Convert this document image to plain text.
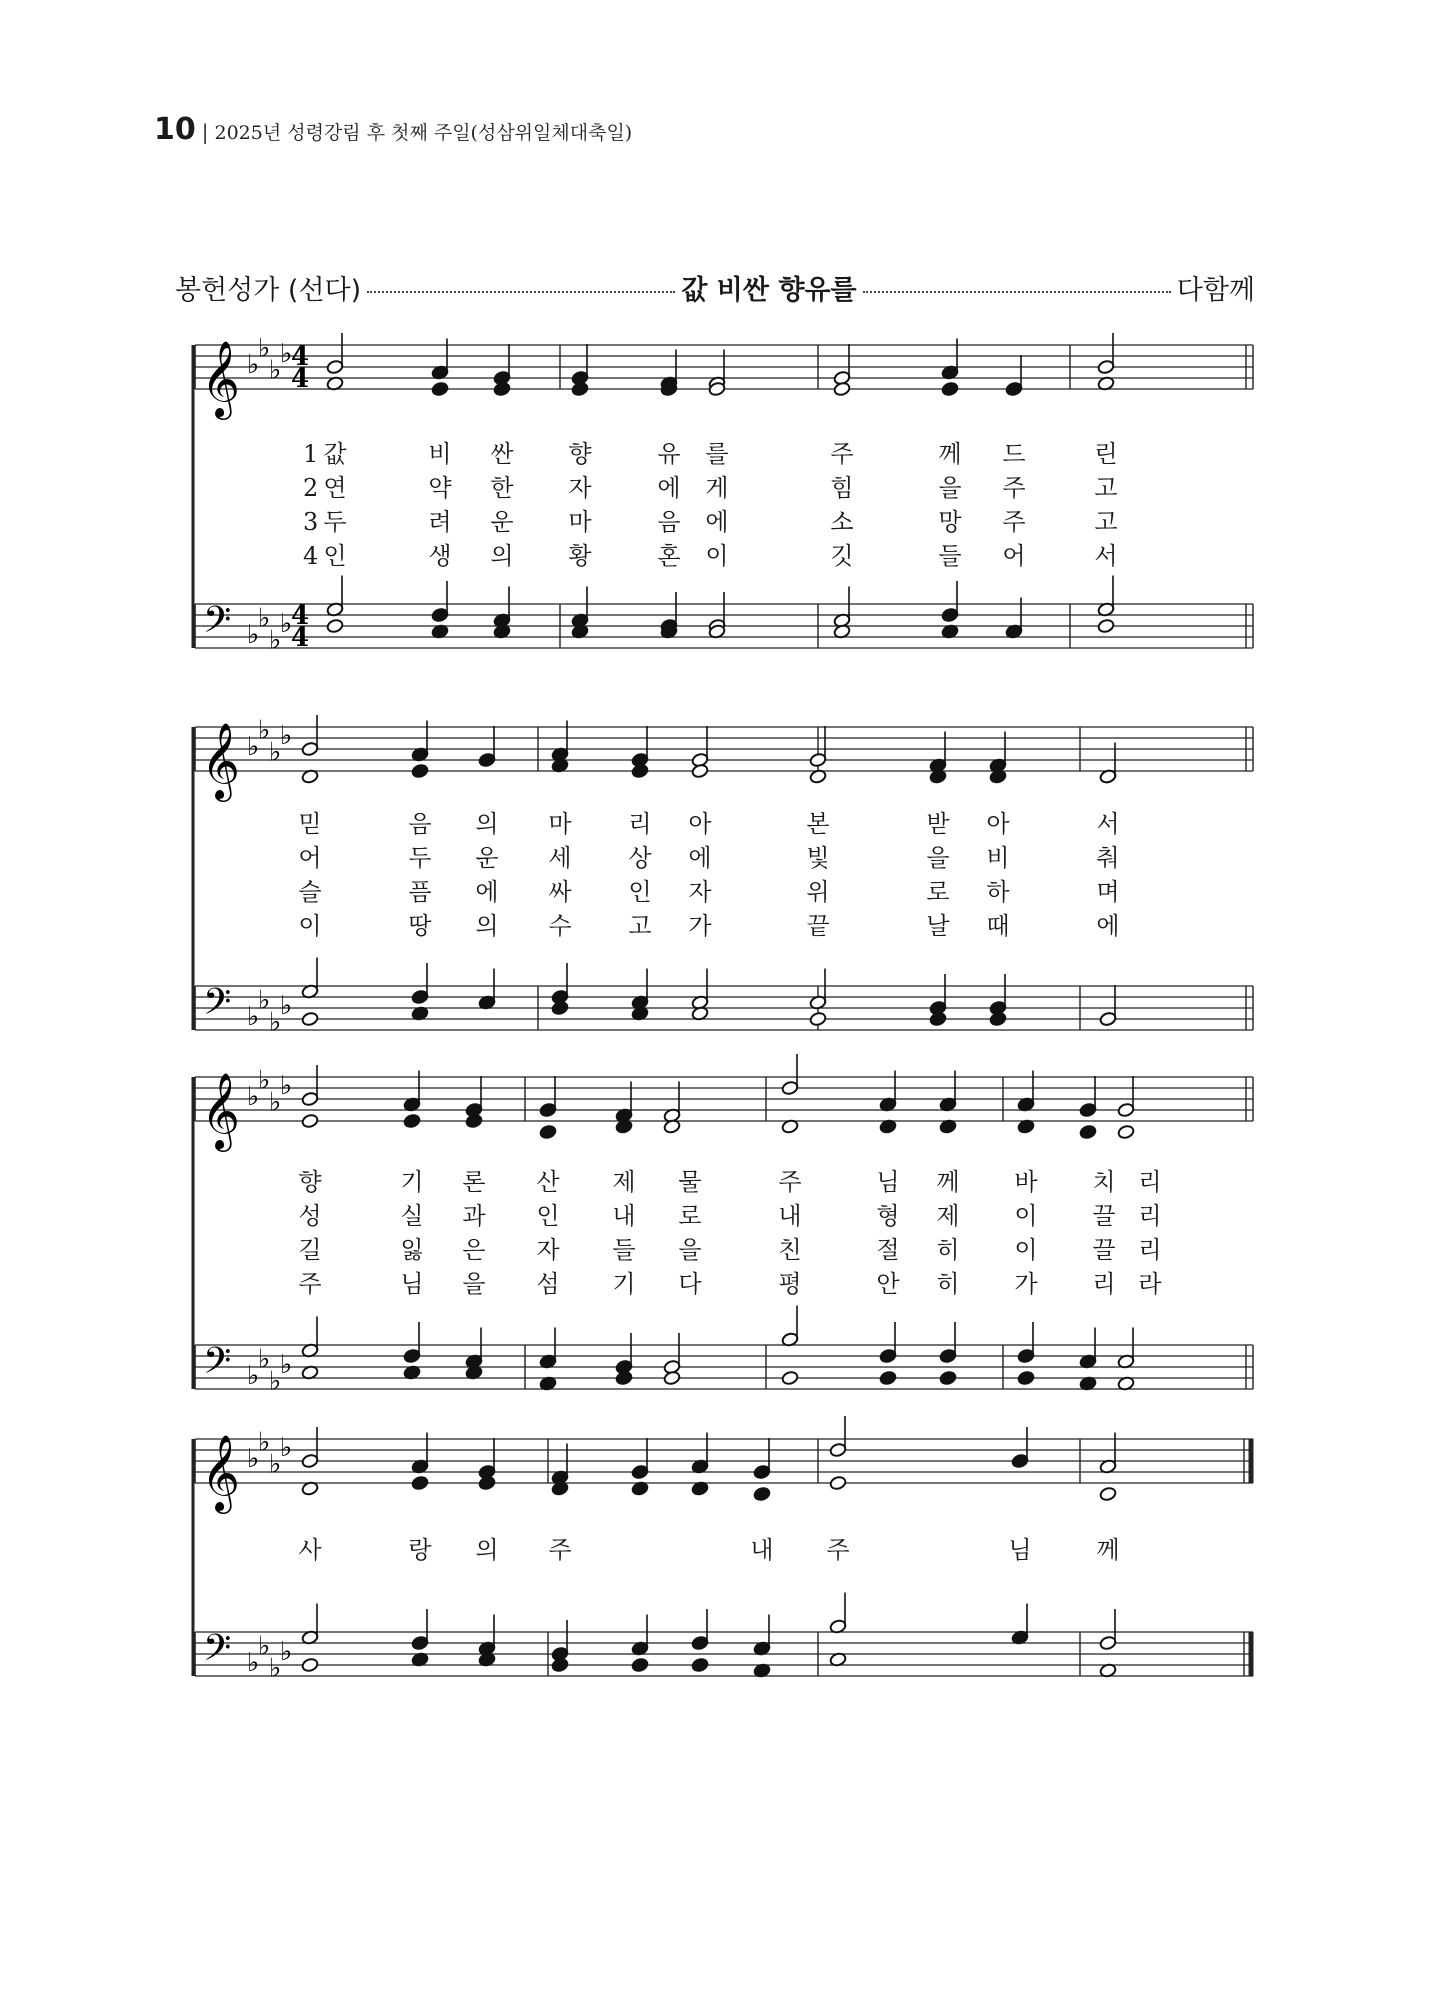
10 | 2025년 성령강림 후 첫째 주일(성삼위일체대축일)
봉헌성가 (선다)	값 비싼 향유를	다함께
𝄞 ♭
♭
♭
♭
𝄢 ♭
♭
♭
♭
4
4
4
4
1 값	비 싼 향	유 를	주	께 드	린
2 연	약 한 자	에 게	힘	을 주	고
3 두	려 운 마	음 에	소	망 주	고
4 인	생 의 황	혼 이	깃	들 어	서
𝄞 ♭
♭
♭
♭
𝄢 ♭
♭
♭
♭
믿	음 의 마 리 아	본	받 아	서
어	두 운 세 상 에	빛	을 비	춰
슬	픔 에 싸 인 자	위	로 하	며
이	땅 의 수 고 가	끝	날 때	에
𝄞 ♭
♭
♭
♭
𝄢 ♭
♭
♭
♭
향	기 론 산 제 물	주	님 께 바 치 리
성	실 과 인 내 로	내	형 제 이 끌 리
길	잃 은 자 들 을	친	절 히 이 끌 리
주	님 을 섬 기 다	평	안 히 가 리 라
𝄞 ♭
♭
♭
♭
𝄢 ♭
♭
♭
♭
사	랑 의 주	내 주	님	께
